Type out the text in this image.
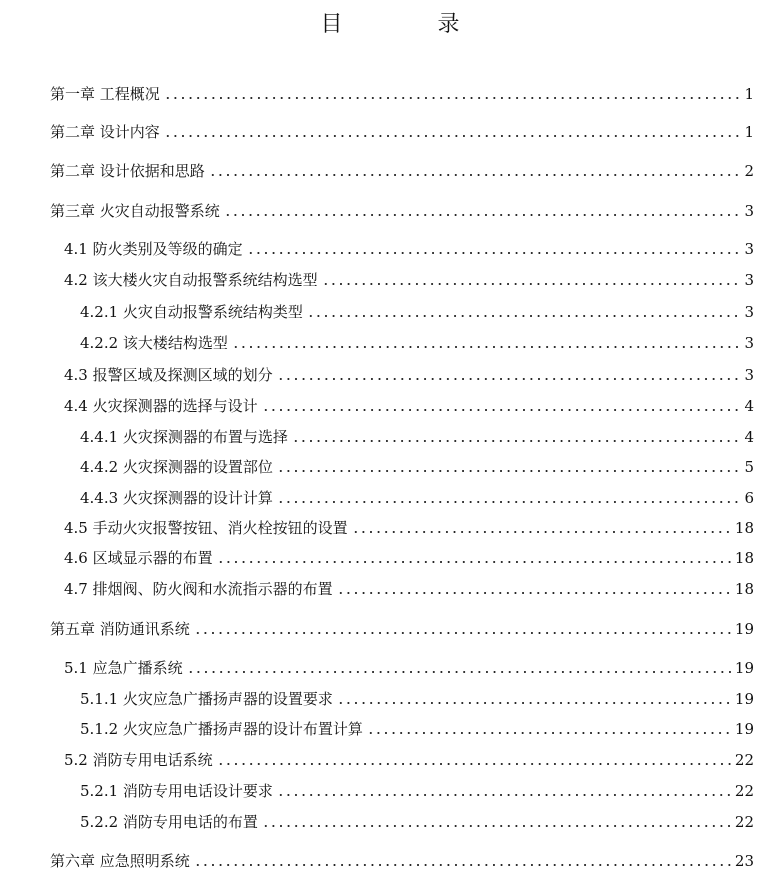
目 录
第一章 工程概况	1
第二章 设计内容	1
第二章 设计依据和思路	2
第三章 火灾自动报警系统	3
4.1 防火类别及等级的确定	3
4.2 该大楼火灾自动报警系统结构选型	3
4.2.1 火灾自动报警系统结构类型	3
4.2.2 该大楼结构选型	3
4.3 报警区域及探测区域的划分	3
4.4 火灾探测器的选择与设计	4
4.4.1 火灾探测器的布置与选择	4
4.4.2 火灾探测器的设置部位	5
4.4.3 火灾探测器的设计计算	6
4.5 手动火灾报警按钮、消火栓按钮的设置	18
4.6 区域显示器的布置	18
4.7 排烟阀、防火阀和水流指示器的布置	18
第五章 消防通讯系统	19
5.1 应急广播系统	19
5.1.1 火灾应急广播扬声器的设置要求	19
5.1.2 火灾应急广播扬声器的设计布置计算	19
5.2 消防专用电话系统	22
5.2.1 消防专用电话设计要求	22
5.2.2 消防专用电话的布置	22
第六章 应急照明系统	23
